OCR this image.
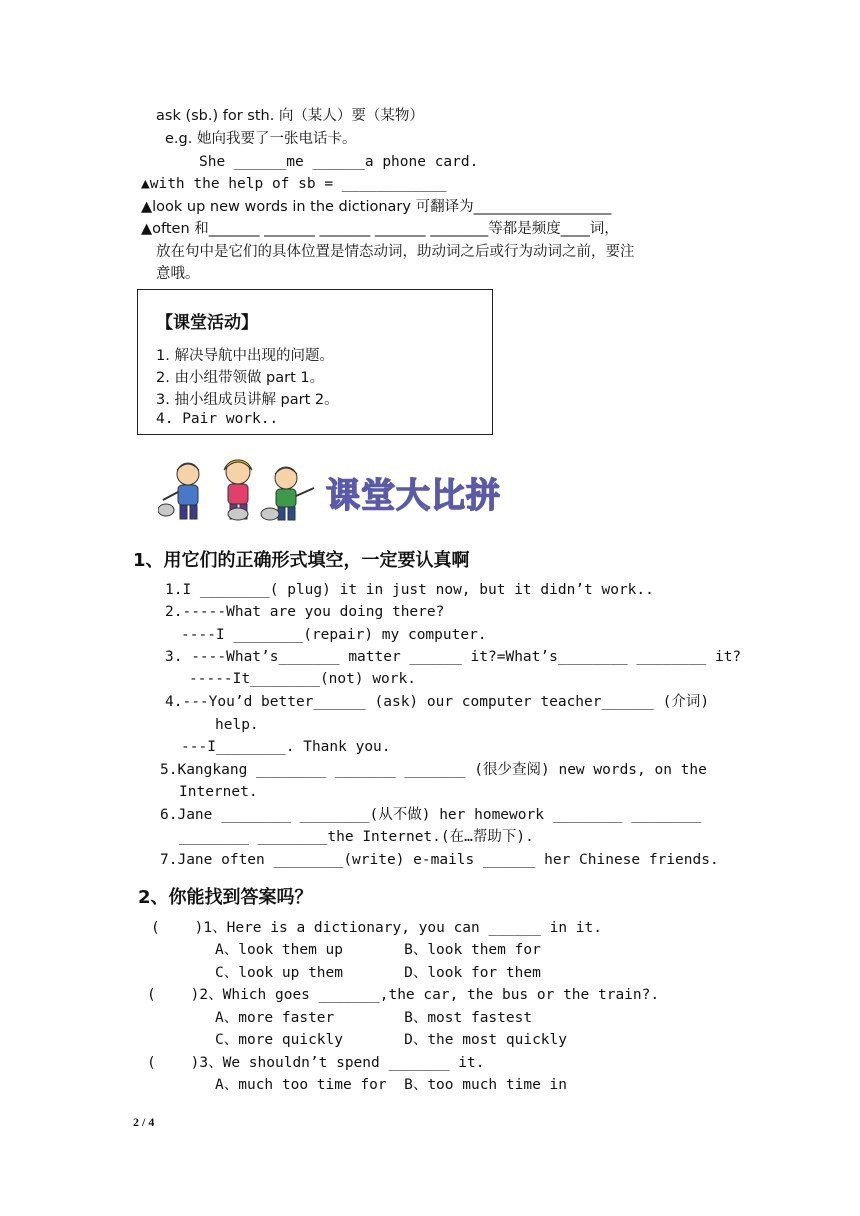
ask (sb.) for sth. 向（某人）要（某物）
e.g. 她向我要了一张电话卡。
She ______me ______a phone card.
▲with the help of sb = ____________
▲look up new words in the dictionary 可翻译为___________________
▲often 和_______ _______ _______ _______ ________等都是频度____词，
放在句中是它们的具体位置是情态动词，助动词之后或行为动词之前，要注
意哦。
【课堂活动】
1. 解决导航中出现的问题。
2. 由小组带领做 part 1。
3. 抽小组成员讲解 part 2。
4. Pair work..
课堂大比拼
1、用它们的正确形式填空，一定要认真啊
1.I ________( plug) it in just now, but it didn’t work..
2.-----What are you doing there?
----I ________(repair) my computer.
3. ----What’s_______ matter ______ it?=What’s________ ________ it?
-----It________(not) work.
4.---You’d better______ (ask) our computer teacher______ (介词)
help.
---I________. Thank you.
5.Kangkang ________ _______ _______ (很少查阅) new words, on the
Internet.
6.Jane ________ ________(从不做) her homework ________ ________
________ ________the Internet.(在…帮助下).
7.Jane often ________(write) e-mails ______ her Chinese friends.
2、你能找到答案吗？
(    )1、Here is a dictionary, you can ______ in it.
A、look them up       B、look them for
C、look up them       D、look for them
(    )2、Which goes _______,the car, the bus or the train?.
A、more faster        B、most fastest
C、more quickly       D、the most quickly
(    )3、We shouldn’t spend _______ it.
A、much too time for  B、too much time in
2 / 4
